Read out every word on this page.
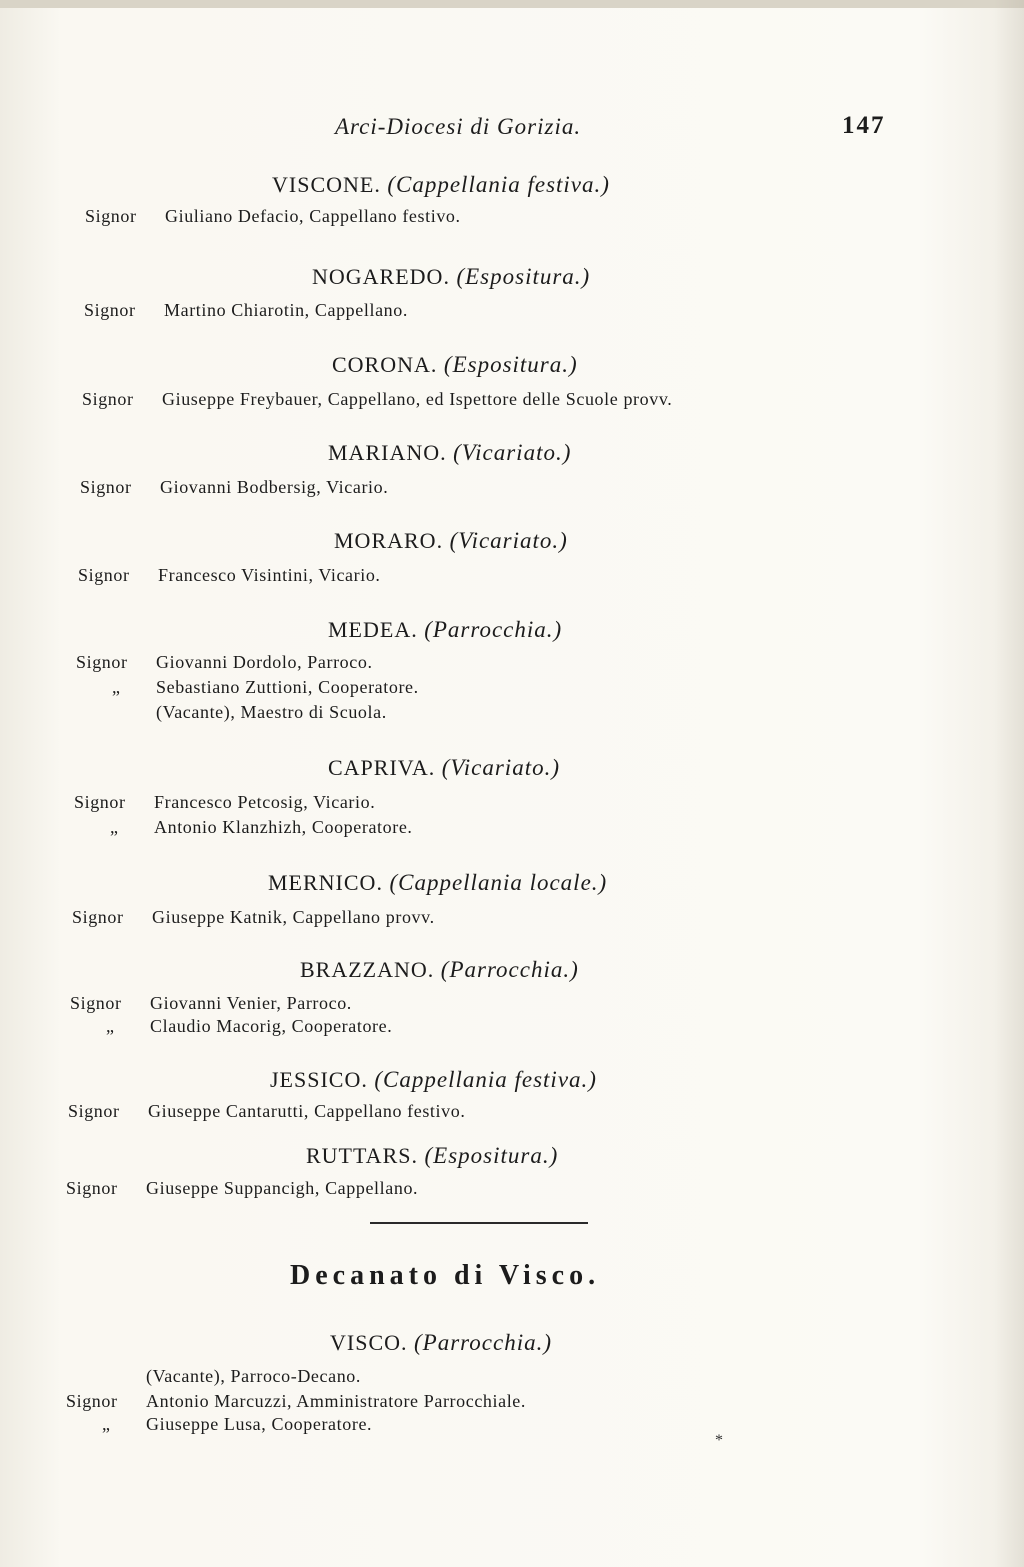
Arci-Diocesi di Gorizia.	147
VISCONE. (Cappellania festiva.)
Signor Giuliano Defacio, Cappellano festivo.
NOGAREDO. (Espositura.)
Signor Martino Chiarotin, Cappellano.
CORONA. (Espositura.)
Signor Giuseppe Freybauer, Cappellano, ed Ispettore delle Scuole provv.
MARIANO. (Vicariato.)
Signor Giovanni Bodbersig, Vicario.
MORARO. (Vicariato.)
Signor Francesco Visintini, Vicario.
MEDEA. (Parrocchia.)
Signor Giovanni Dordolo, Parroco.
„ Sebastiano Zuttioni, Cooperatore.
(Vacante), Maestro di Scuola.
CAPRIVA. (Vicariato.)
Signor Francesco Petcosig, Vicario.
„ Antonio Klanzhizh, Cooperatore.
MERNICO. (Cappellania locale.)
Signor Giuseppe Katnik, Cappellano provv.
BRAZZANO. (Parrocchia.)
Signor Giovanni Venier, Parroco.
„ Claudio Macorig, Cooperatore.
JESSICO. (Cappellania festiva.)
Signor Giuseppe Cantarutti, Cappellano festivo.
RUTTARS. (Espositura.)
Signor Giuseppe Suppancigh, Cappellano.
Decanato di Visco.
VISCO. (Parrocchia.)
(Vacante), Parroco-Decano.
Signor Antonio Marcuzzi, Amministratore Parrocchiale.
„ Giuseppe Lusa, Cooperatore.
*
